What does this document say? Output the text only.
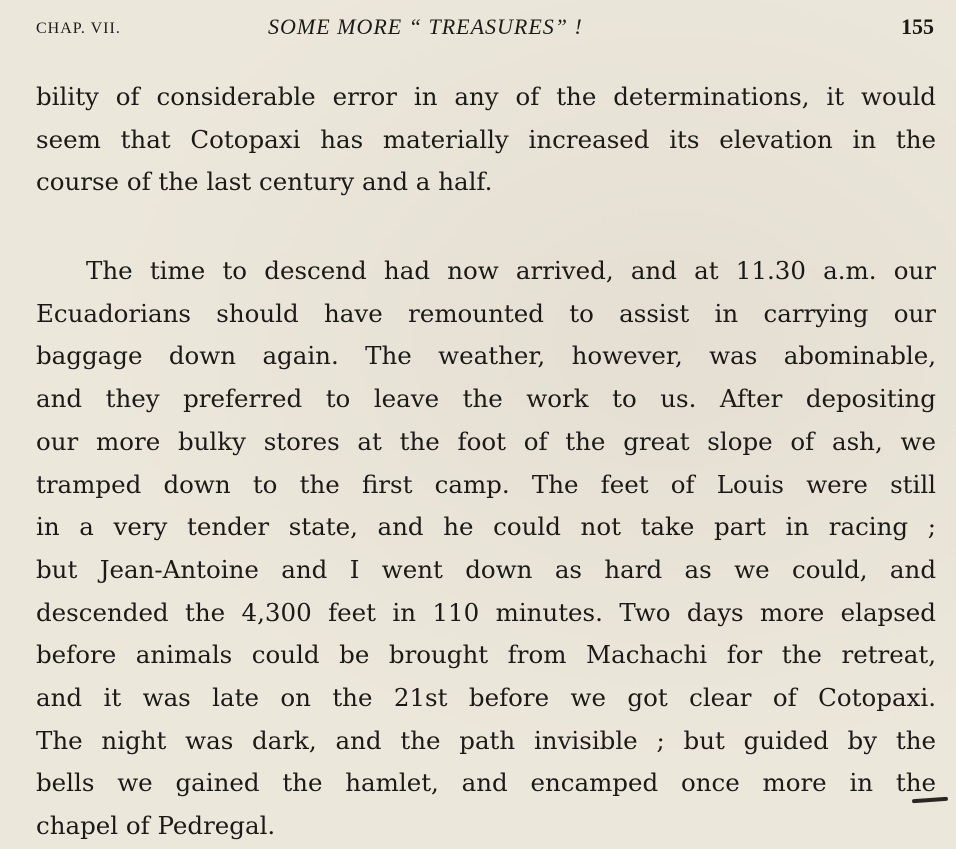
CHAP. VII.	SOME MORE “ TREASURES” !	155
bility of considerable error in any of the determinations, it would
seem that Cotopaxi has materially increased its elevation in the
course of the last century and a half.
The time to descend had now arrived, and at 11.30 a.m. our
Ecuadorians should have remounted to assist in carrying our
baggage down again. The weather, however, was abominable,
and they preferred to leave the work to us. After depositing
our more bulky stores at the foot of the great slope of ash, we
tramped down to the first camp. The feet of Louis were still
in a very tender state, and he could not take part in racing ;
but Jean-Antoine and I went down as hard as we could, and
descended the 4,300 feet in 110 minutes. Two days more elapsed
before animals could be brought from Machachi for the retreat,
and it was late on the 21st before we got clear of Cotopaxi.
The night was dark, and the path invisible ; but guided by the
bells we gained the hamlet, and encamped once more in the
chapel of Pedregal.
